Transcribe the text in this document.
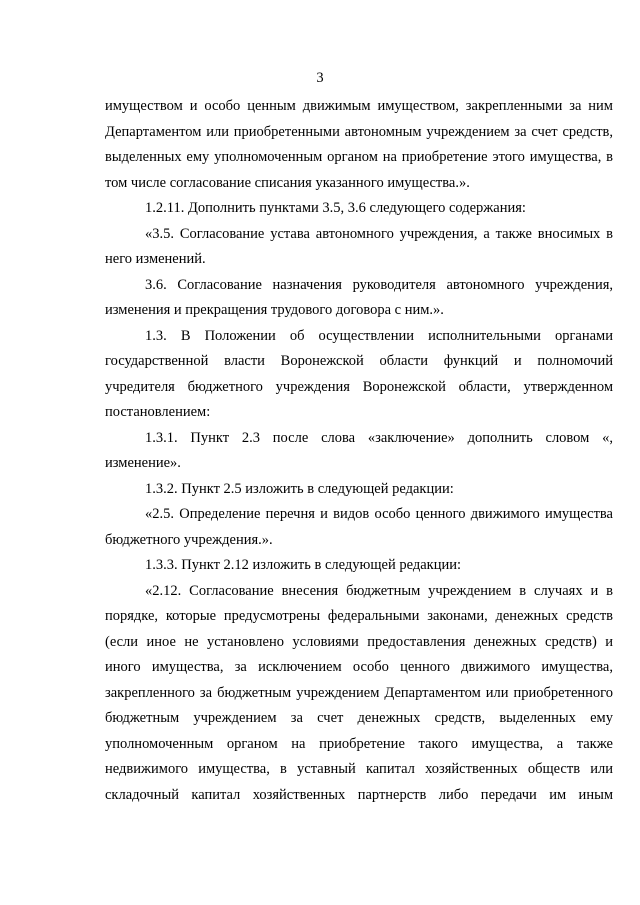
3

имуществом и особо ценным движимым имуществом, закрепленными за ним Департаментом или приобретенными автономным учреждением за счет средств, выделенных ему уполномоченным органом на приобретение этого имущества, в том числе согласование списания указанного имущества.».

1.2.11. Дополнить пунктами 3.5, 3.6 следующего содержания:

«3.5. Согласование устава автономного учреждения, а также вносимых в него изменений.

3.6. Согласование назначения руководителя автономного учреждения, изменения и прекращения трудового договора с ним.».

1.3. В Положении об осуществлении исполнительными органами государственной власти Воронежской области функций и полномочий учредителя бюджетного учреждения Воронежской области, утвержденном постановлением:

1.3.1. Пункт 2.3 после слова «заключение» дополнить словом «, изменение».

1.3.2. Пункт 2.5 изложить в следующей редакции:

«2.5. Определение перечня и видов особо ценного движимого имущества бюджетного учреждения.».

1.3.3. Пункт 2.12 изложить в следующей редакции:

«2.12. Согласование внесения бюджетным учреждением в случаях и в порядке, которые предусмотрены федеральными законами, денежных средств (если иное не установлено условиями предоставления денежных средств) и иного имущества, за исключением особо ценного движимого имущества, закрепленного за бюджетным учреждением Департаментом или приобретенного бюджетным учреждением за счет денежных средств, выделенных ему уполномоченным органом на приобретение такого имущества, а также недвижимого имущества, в уставный капитал хозяйственных обществ или складочный капитал хозяйственных партнерств либо передачи им иным
